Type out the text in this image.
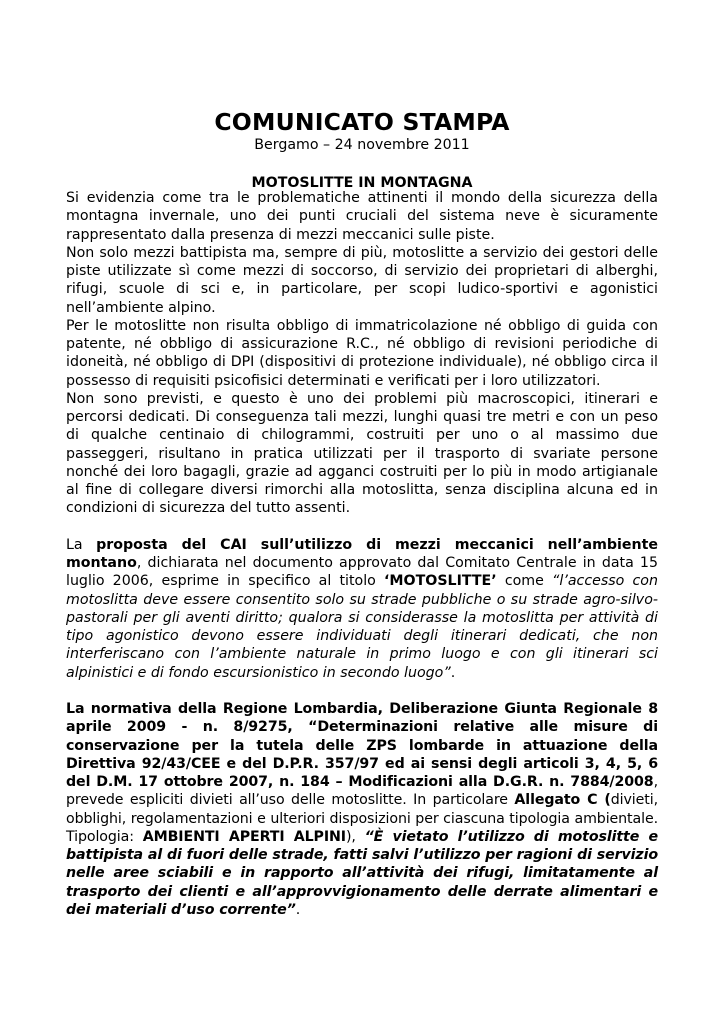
COMUNICATO STAMPA
Bergamo – 24 novembre 2011
MOTOSLITTE IN MONTAGNA

Si evidenzia come tra le problematiche attinenti il mondo della sicurezza della montagna invernale, uno dei punti cruciali del sistema neve è sicuramente rappresentato dalla presenza di mezzi meccanici sulle piste.

Non solo mezzi battipista ma, sempre di più, motoslitte a servizio dei gestori delle piste utilizzate sì come mezzi di soccorso, di servizio dei proprietari di alberghi, rifugi, scuole di sci e, in particolare, per scopi ludico-sportivi e agonistici nell’ambiente alpino.

Per le motoslitte non risulta obbligo di immatricolazione né obbligo di guida con patente, né obbligo di assicurazione R.C., né obbligo di revisioni periodiche di idoneità, né obbligo di DPI (dispositivi di protezione individuale), né obbligo circa il possesso di requisiti psicofisici determinati e verificati per i loro utilizzatori.

Non sono previsti, e questo è uno dei problemi più macroscopici, itinerari e percorsi dedicati. Di conseguenza tali mezzi, lunghi quasi tre metri e con un peso di qualche centinaio di chilogrammi, costruiti per uno o al massimo due passeggeri, risultano in pratica utilizzati per il trasporto di svariate persone nonché dei loro bagagli, grazie ad agganci costruiti per lo più in modo artigianale al fine di collegare diversi rimorchi alla motoslitta, senza disciplina alcuna ed in condizioni di sicurezza del tutto assenti.

La proposta del CAI sull’utilizzo di mezzi meccanici nell’ambiente montano, dichiarata nel documento approvato dal Comitato Centrale in data 15 luglio 2006, esprime in specifico al titolo ‘MOTOSLITTE’ come “l’accesso con motoslitta deve essere consentito solo su strade pubbliche o su strade agro-silvo-pastorali per gli aventi diritto; qualora si considerasse la motoslitta per attività di tipo agonistico devono essere individuati degli itinerari dedicati, che non interferiscano con l’ambiente naturale in primo luogo e con gli itinerari sci alpinistici e di fondo escursionistico in secondo luogo”.

La normativa della Regione Lombardia, Deliberazione Giunta Regionale 8 aprile 2009 - n. 8/9275, “Determinazioni relative alle misure di conservazione per la tutela delle ZPS lombarde in attuazione della Direttiva 92/43/CEE e del D.P.R. 357/97 ed ai sensi degli articoli 3, 4, 5, 6 del D.M. 17 ottobre 2007, n. 184 – Modificazioni alla D.G.R. n. 7884/2008, prevede espliciti divieti all’uso delle motoslitte. In particolare Allegato C (divieti, obblighi, regolamentazioni e ulteriori disposizioni per ciascuna tipologia ambientale. Tipologia: AMBIENTI APERTI ALPINI), “È vietato l’utilizzo di motoslitte e battipista al di fuori delle strade, fatti salvi l’utilizzo per ragioni di servizio nelle aree sciabili e in rapporto all’attività dei rifugi, limitatamente al trasporto dei clienti e all’approvvigionamento delle derrate alimentari e dei materiali d’uso corrente”.
